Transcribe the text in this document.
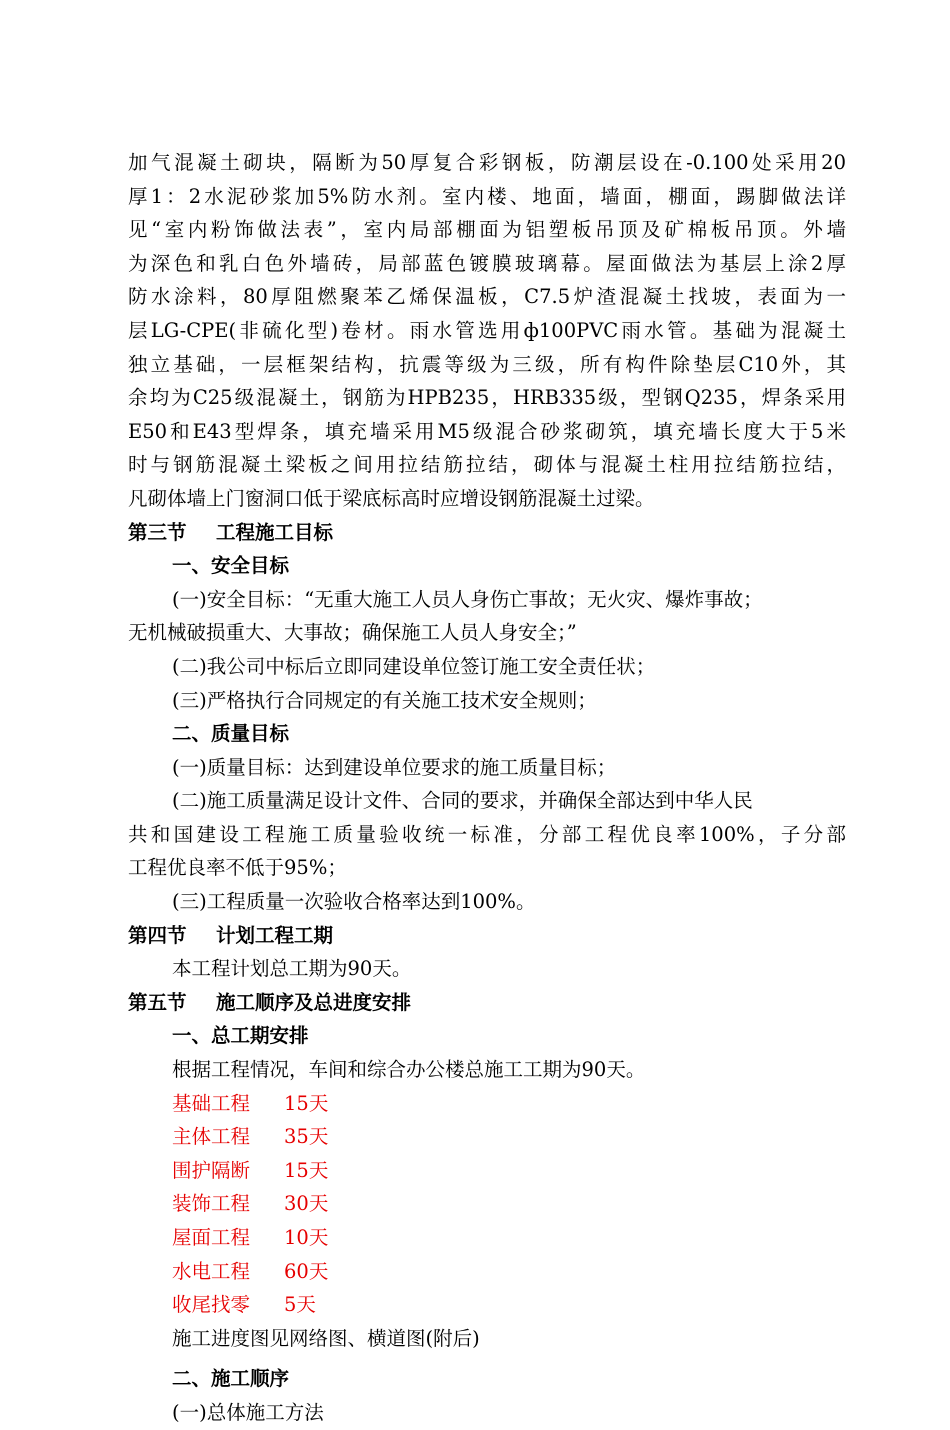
加气混凝土砌块，隔断为50厚复合彩钢板，防潮层设在-0.100处采用20
厚1：2水泥砂浆加5%防水剂。室内楼、地面，墙面，棚面，踢脚做法详
见“室内粉饰做法表”，室内局部棚面为铝塑板吊顶及矿棉板吊顶。外墙
为深色和乳白色外墙砖，局部蓝色镀膜玻璃幕。屋面做法为基层上涂2厚
防水涂料，80厚阻燃聚苯乙烯保温板，C7.5炉渣混凝土找坡，表面为一
层LG-CPE(非硫化型)卷材。雨水管选用ф100PVC雨水管。基础为混凝土
独立基础，一层框架结构，抗震等级为三级，所有构件除垫层C10外，其
余均为C25级混凝土，钢筋为HPB235，HRB335级，型钢Q235，焊条采用
E50和E43型焊条，填充墙采用M5级混合砂浆砌筑，填充墙长度大于5米
时与钢筋混凝土梁板之间用拉结筋拉结，砌体与混凝土柱用拉结筋拉结，
凡砌体墙上门窗洞口低于梁底标高时应增设钢筋混凝土过梁。
第三节 工程施工目标
一、安全目标
(一)安全目标：“无重大施工人员人身伤亡事故；无火灾、爆炸事故；
无机械破损重大、大事故；确保施工人员人身安全；”
(二)我公司中标后立即同建设单位签订施工安全责任状；
(三)严格执行合同规定的有关施工技术安全规则；
二、质量目标
(一)质量目标：达到建设单位要求的施工质量目标；
(二)施工质量满足设计文件、合同的要求，并确保全部达到中华人民
共和国建设工程施工质量验收统一标准，分部工程优良率100%，子分部
工程优良率不低于95%；
(三)工程质量一次验收合格率达到100%。
第四节 计划工程工期
本工程计划总工期为90天。
第五节 施工顺序及总进度安排
一、总工期安排
根据工程情况，车间和综合办公楼总施工工期为90天。
基础工程 15天
主体工程 35天
围护隔断 15天
装饰工程 30天
屋面工程 10天
水电工程 60天
收尾找零 5天
施工进度图见网络图、横道图(附后)
二、施工顺序
(一)总体施工方法
